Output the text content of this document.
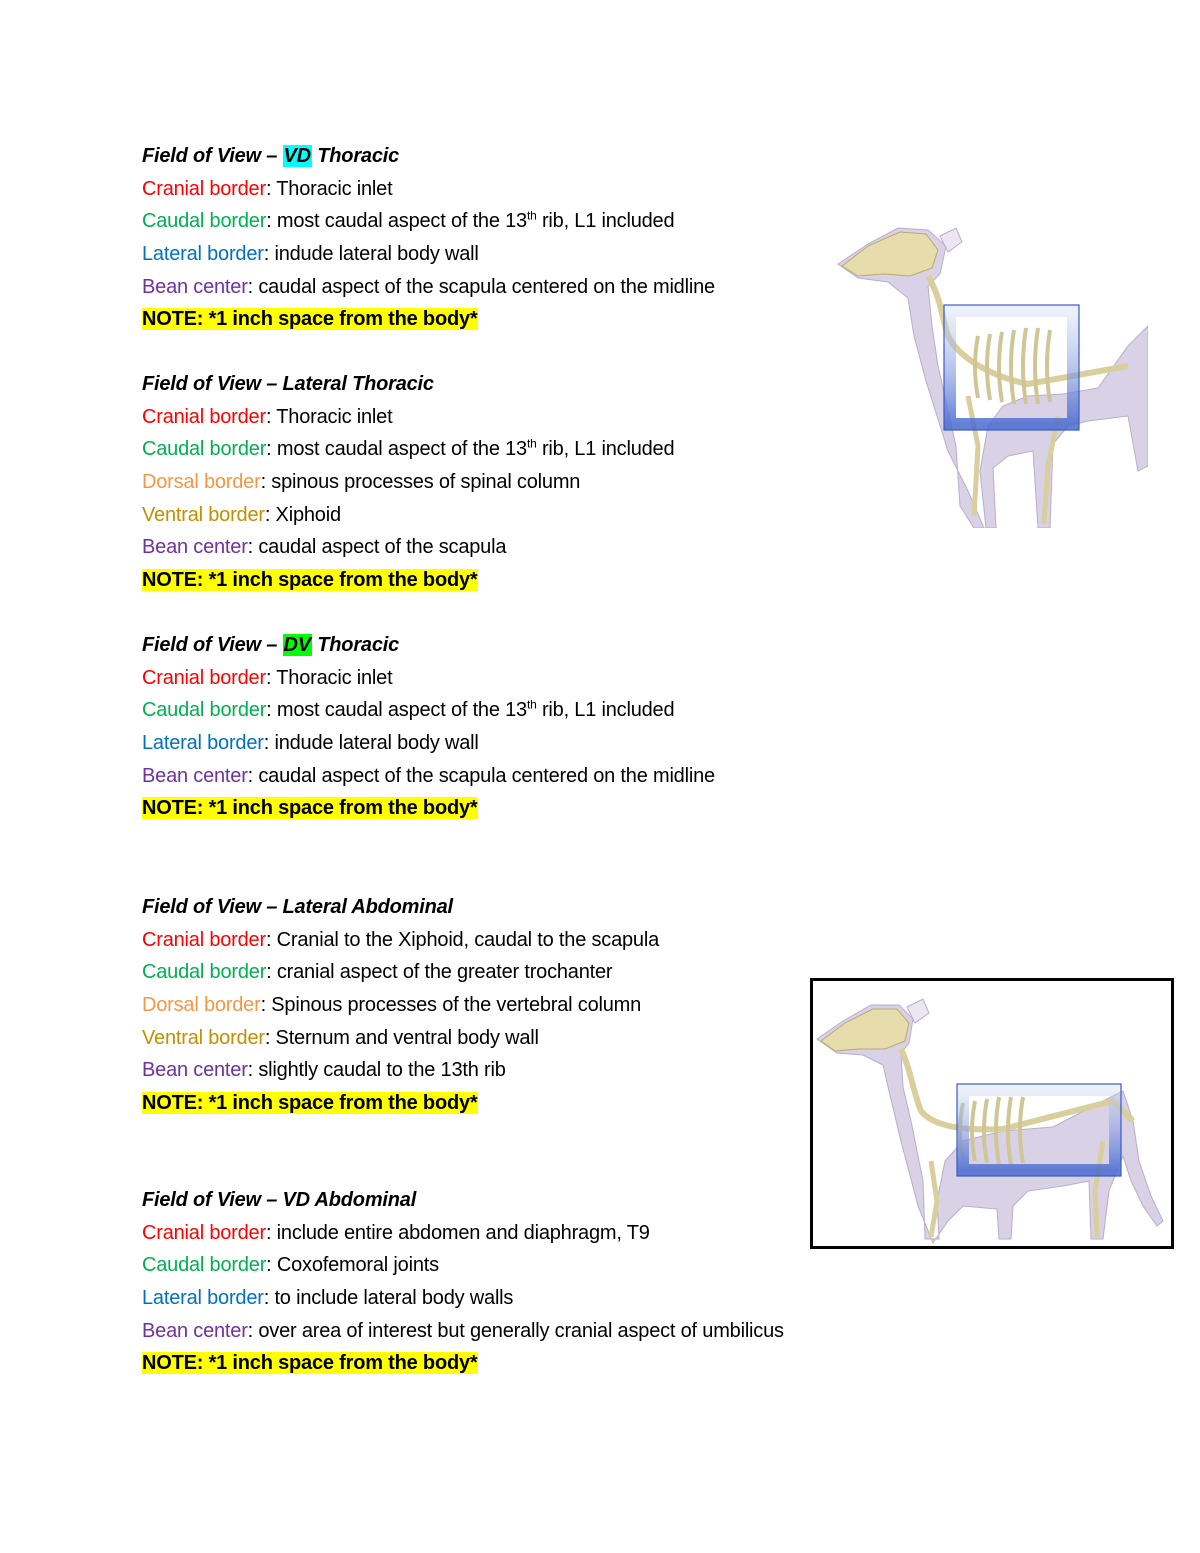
Field of View – VD Thoracic
Cranial border: Thoracic inlet
Caudal border: most caudal aspect of the 13th rib, L1 included
Lateral border: indude lateral body wall
Bean center: caudal aspect of the scapula centered on the midline
NOTE: *1 inch space from the body*
Field of View – Lateral Thoracic
Cranial border: Thoracic inlet
Caudal border: most caudal aspect of the 13th rib, L1 included
Dorsal border: spinous processes of spinal column
Ventral border: Xiphoid
Bean center: caudal aspect of the scapula
NOTE: *1 inch space from the body*
Field of View – DV Thoracic
Cranial border: Thoracic inlet
Caudal border: most caudal aspect of the 13th rib, L1 included
Lateral border: indude lateral body wall
Bean center: caudal aspect of the scapula centered on the midline
NOTE: *1 inch space from the body*
Field of View – Lateral Abdominal
Cranial border: Cranial to the Xiphoid, caudal to the scapula
Caudal border: cranial aspect of the greater trochanter
Dorsal border: Spinous processes of the vertebral column
Ventral border: Sternum and ventral body wall
Bean center: slightly caudal to the 13th rib
NOTE: *1 inch space from the body*
Field of View – VD Abdominal
Cranial border: include entire abdomen and diaphragm, T9
Caudal border: Coxofemoral joints
Lateral border: to include lateral body walls
Bean center: over area of interest but generally cranial aspect of umbilicus
NOTE: *1 inch space from the body*
